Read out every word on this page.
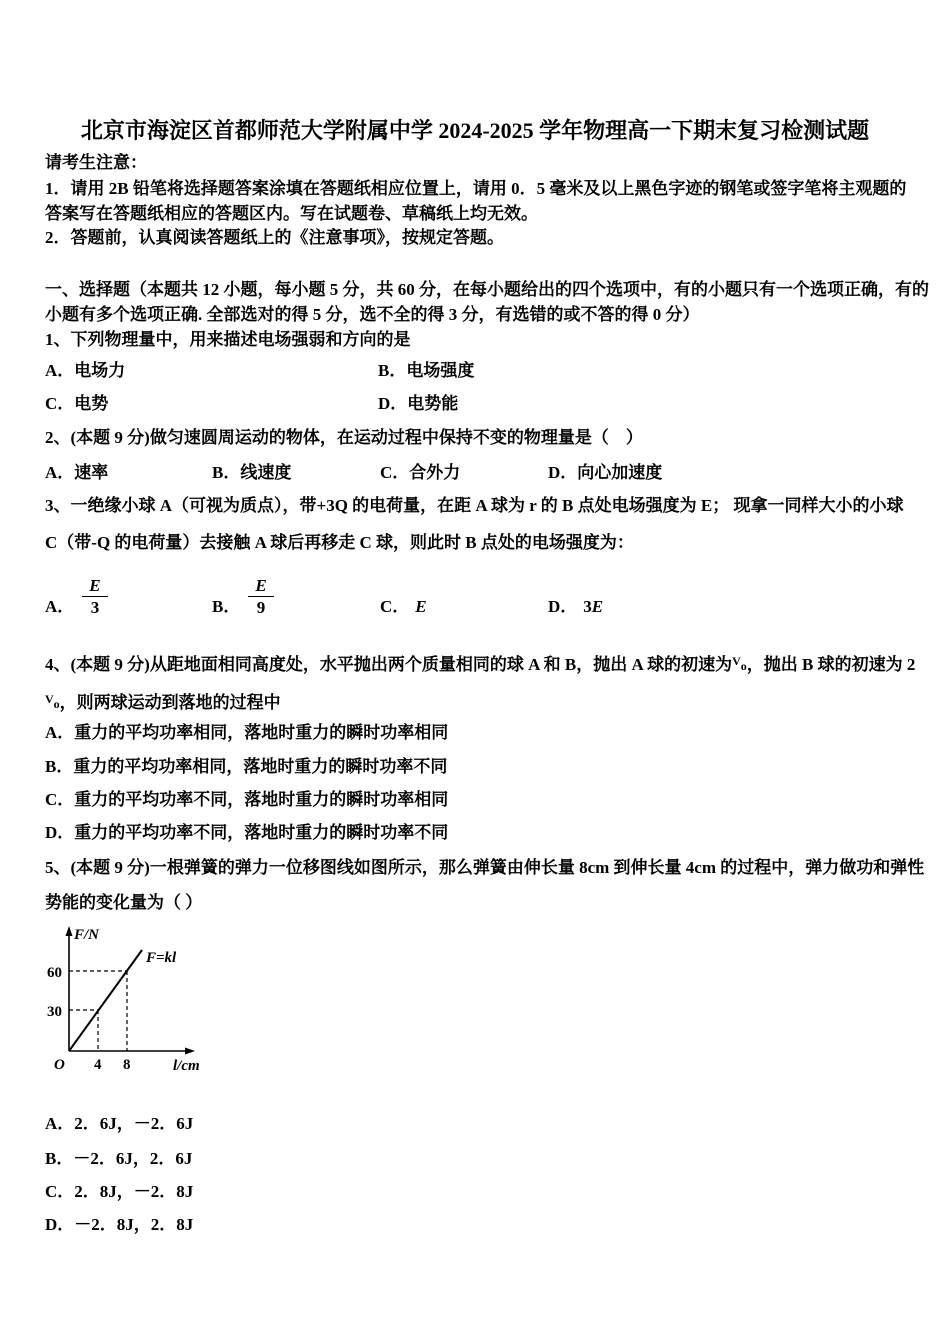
北京市海淀区首都师范大学附属中学 2024-2025 学年物理高一下期末复习检测试题
请考生注意：
1．请用 2B 铅笔将选择题答案涂填在答题纸相应位置上，请用 0．5 毫米及以上黑色字迹的钢笔或签字笔将主观题的
答案写在答题纸相应的答题区内。写在试题卷、草稿纸上均无效。
2．答题前，认真阅读答题纸上的《注意事项》，按规定答题。
一、选择题（本题共 12 小题，每小题 5 分，共 60 分，在每小题给出的四个选项中，有的小题只有一个选项正确，有的
小题有多个选项正确. 全部选对的得 5 分，选不全的得 3 分，有选错的或不答的得 0 分）
1、下列物理量中，用来描述电场强弱和方向的是
A．电场力	B．电场强度
C．电势	D．电势能
2、(本题 9 分)做匀速圆周运动的物体，在运动过程中保持不变的物理量是（　）
A．速率	B．线速度	C．合外力	D．向心加速度
3、一绝缘小球 A（可视为质点），带+3Q 的电荷量，在距 A 球为 r 的 B 点处电场强度为 E； 现拿一同样大小的小球
C（带-Q 的电荷量）去接触 A 球后再移走 C 球，则此时 B 点处的电场强度为：
A． $\frac{E}{3}$	B． $\frac{E}{9}$	C． E	D． 3 E
4、(本题 9 分)从距地面相同高度处，水平抛出两个质量相同的球 A 和 B，抛出 A 球的初速为$^V$o，抛出 B 球的初速为 2
$^V$o，则两球运动到落地的过程中
A．重力的平均功率相同，落地时重力的瞬时功率相同
B．重力的平均功率相同，落地时重力的瞬时功率不同
C．重力的平均功率不同，落地时重力的瞬时功率相同
D．重力的平均功率不同，落地时重力的瞬时功率不同
5、(本题 9 分)一根弹簧的弹力一位移图线如图所示，那么弹簧由伸长量 8cm 到伸长量 4cm 的过程中，弹力做功和弹性
势能的变化量为（ ）
F/N
F=kl
60
30
O 4 8	l/cm
A．2．6J，－2．6J
B．－2．6J，2．6J
C．2．8J，－2．8J
D．－2．8J，2．8J
